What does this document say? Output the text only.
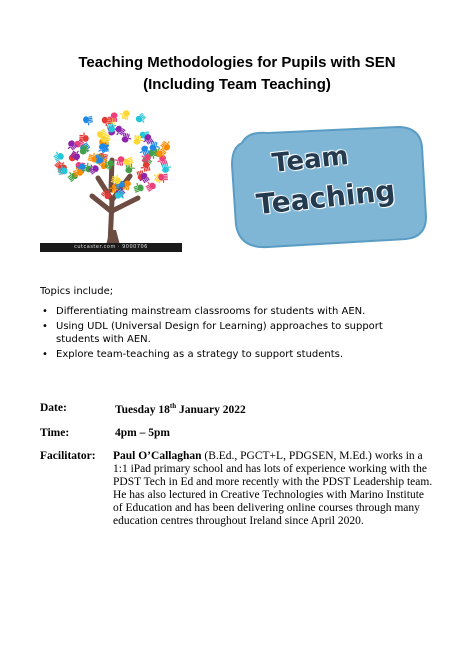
Teaching Methodologies for Pupils with SEN
(Including Team Teaching)
cutcaster.com · 9000706
Team
Teaching
Topics include;
• Differentiating mainstream classrooms for students with AEN.
• Using UDL (Universal Design for Learning) approaches to support students with AEN.
• Explore team-teaching as a strategy to support students.
Date:	Tuesday 18th January 2022
Time:	4pm – 5pm
Facilitator: Paul O’Callaghan (B.Ed., PGCT+L, PDGSEN, M.Ed.) works in a 1:1 iPad primary school and has lots of experience working with the PDST Tech in Ed and more recently with the PDST Leadership team. He has also lectured in Creative Technologies with Marino Institute of Education and has been delivering online courses through many education centres throughout Ireland since April 2020.
